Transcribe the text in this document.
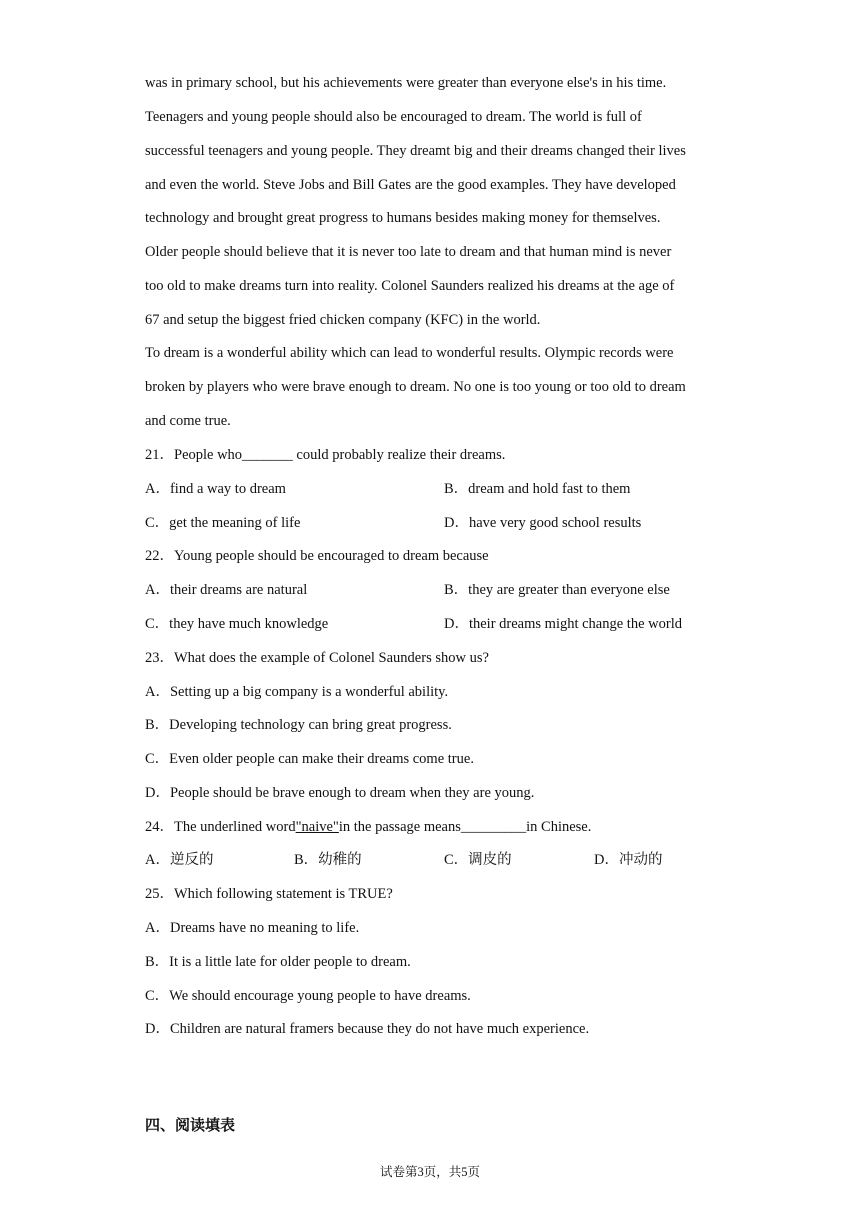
was in primary school, but his achievements were greater than everyone else's in his time.
Teenagers and young people should also be encouraged to dream. The world is full of
successful teenagers and young people. They dreamt big and their dreams changed their lives
and even the world. Steve Jobs and Bill Gates are the good examples. They have developed
technology and brought great progress to humans besides making money for themselves.
Older people should believe that it is never too late to dream and that human mind is never
too old to make dreams turn into reality. Colonel Saunders realized his dreams at the age of
67 and setup the biggest fried chicken company (KFC) in the world.
To dream is a wonderful ability which can lead to wonderful results. Olympic records were
broken by players who were brave enough to dream. No one is too young or too old to dream
and come true.
21．People who_______ could probably realize their dreams.
A．find a way to dream	B．dream and hold fast to them
C．get the meaning of life	D．have very good school results
22．Young people should be encouraged to dream because
A．their dreams are natural	B．they are greater than everyone else
C．they have much knowledge	D．their dreams might change the world
23．What does the example of Colonel Saunders show us?
A．Setting up a big company is a wonderful ability.
B．Developing technology can bring great progress.
C．Even older people can make their dreams come true.
D．People should be brave enough to dream when they are young.
24．The underlined word"naive"in the passage means_________in Chinese.
A．逆反的	B．幼稚的	C．调皮的	D．冲动的
25．Which following statement is TRUE?
A．Dreams have no meaning to life.
B．It is a little late for older people to dream.
C．We should encourage young people to have dreams.
D．Children are natural framers because they do not have much experience.
四、阅读填表
试卷第3页，共5页
